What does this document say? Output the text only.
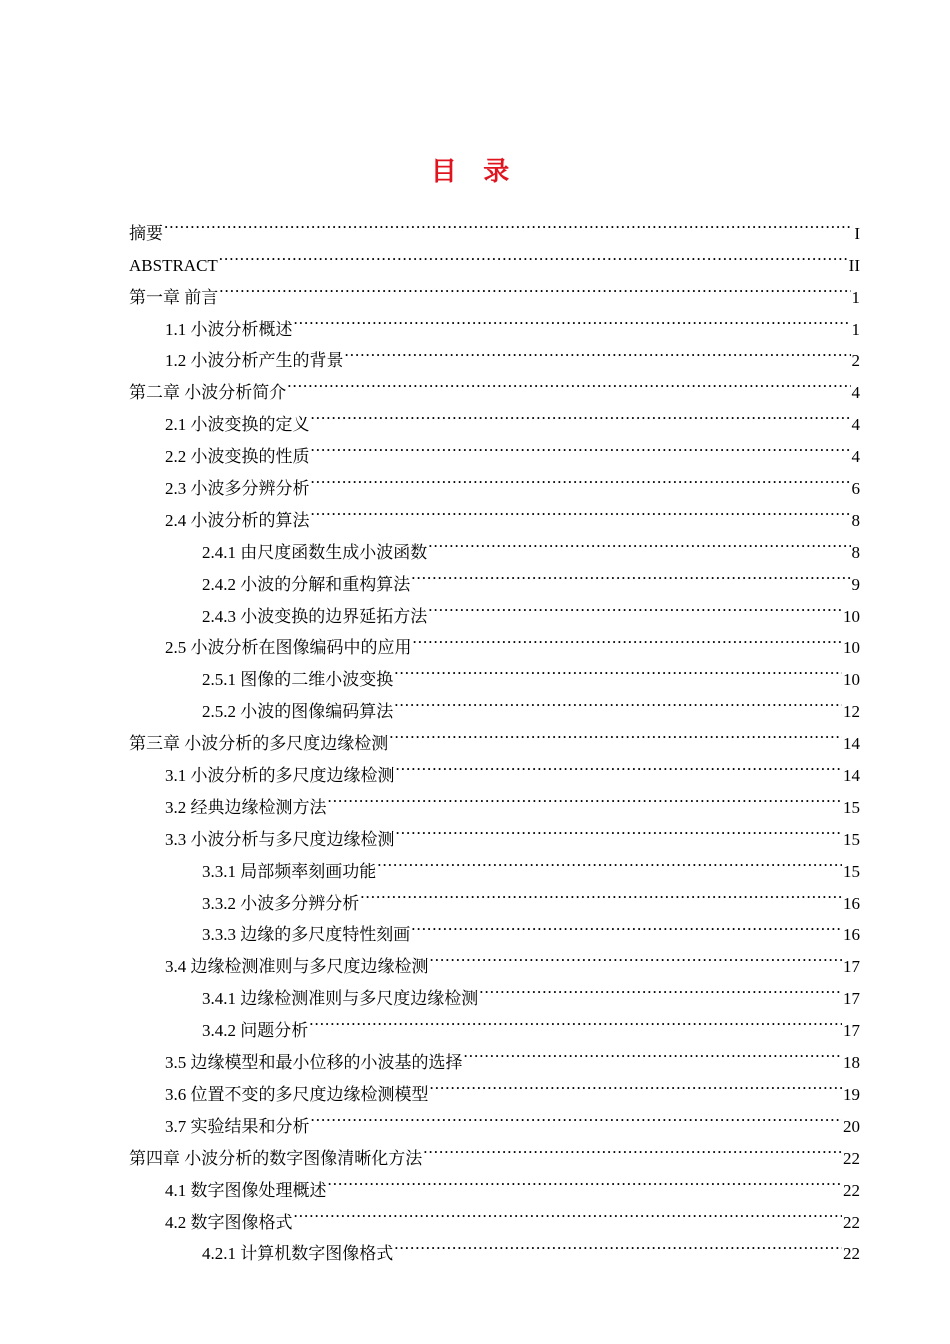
目 录
摘要 .....	I
ABSTRACT .....	II
第一章 前言 .....	1
1.1 小波分析概述 .....	1
1.2 小波分析产生的背景 .....	2
第二章 小波分析简介 .....	4
2.1 小波变换的定义 .....	4
2.2 小波变换的性质 .....	4
2.3 小波多分辨分析 .....	6
2.4 小波分析的算法 .....	8
2.4.1 由尺度函数生成小波函数 .....	8
2.4.2 小波的分解和重构算法 .....	9
2.4.3 小波变换的边界延拓方法 .....	10
2.5 小波分析在图像编码中的应用 .....	10
2.5.1 图像的二维小波变换 .....	10
2.5.2 小波的图像编码算法 .....	12
第三章 小波分析的多尺度边缘检测 .....	14
3.1 小波分析的多尺度边缘检测 .....	14
3.2 经典边缘检测方法 .....	15
3.3 小波分析与多尺度边缘检测 .....	15
3.3.1 局部频率刻画功能 .....	15
3.3.2 小波多分辨分析 .....	16
3.3.3 边缘的多尺度特性刻画 .....	16
3.4 边缘检测准则与多尺度边缘检测 .....	17
3.4.1 边缘检测准则与多尺度边缘检测 .....	17
3.4.2 问题分析 .....	17
3.5 边缘模型和最小位移的小波基的选择 .....	18
3.6 位置不变的多尺度边缘检测模型 .....	19
3.7 实验结果和分析 .....	20
第四章 小波分析的数字图像清晰化方法 .....	22
4.1 数字图像处理概述 .....	22
4.2 数字图像格式 .....	22
4.2.1 计算机数字图像格式 .....	22
